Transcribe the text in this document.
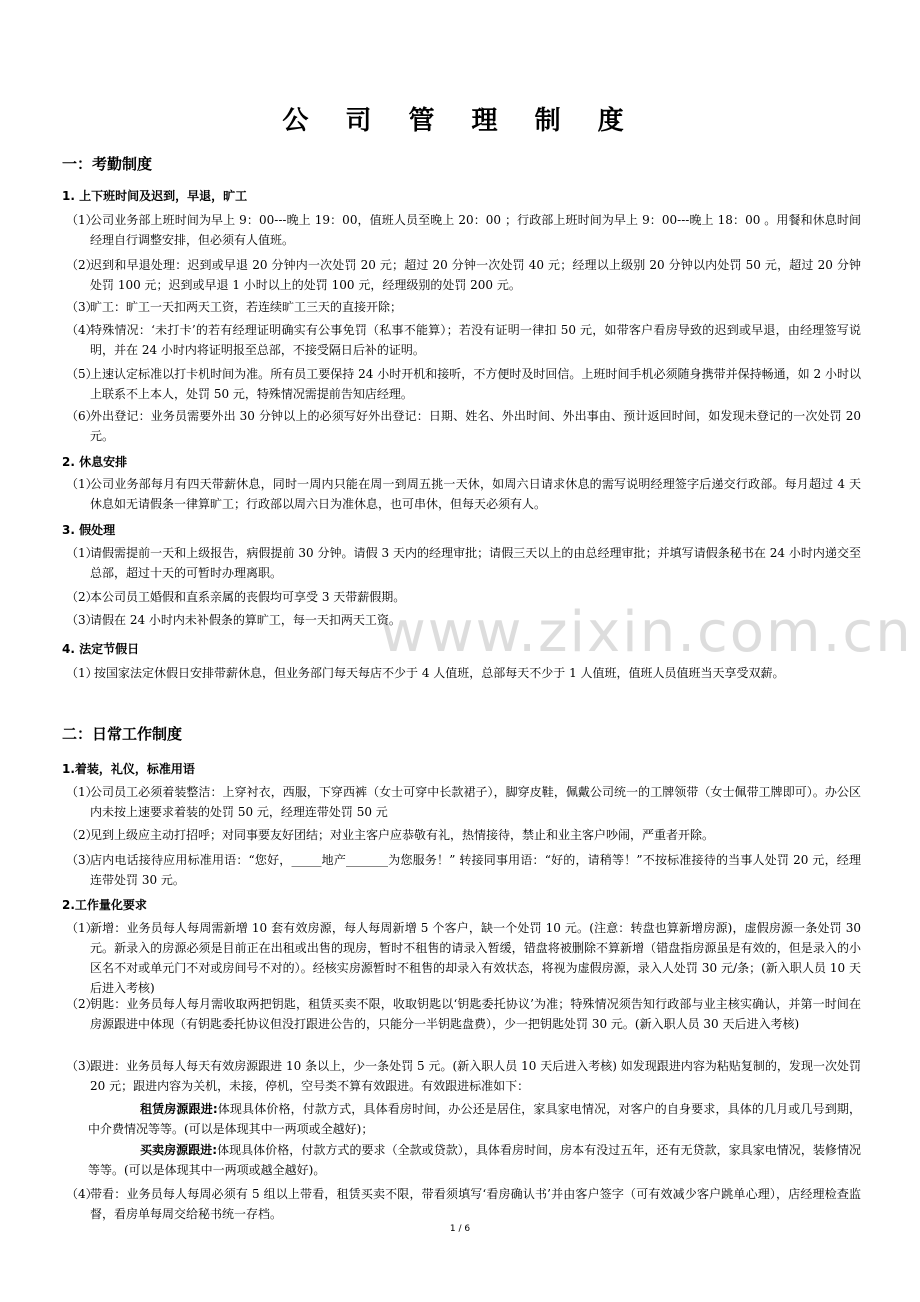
www.zixin.com.cn
公 司 管 理 制 度
一：考勤制度
1. 上下班时间及迟到，早退，旷工
（1）
公司业务部上班时间为早上 9：00---晚上 19：00，值班人员至晚上 20：00 ；行政部上班时间为早上 9：00---晚上 18：00 。用餐和休息时间经理自行调整安排，但必须有人值班。
（2）
迟到和早退处理：迟到或早退 20 分钟内一次处罚 20 元；超过 20 分钟一次处罚 40 元；经理以上级别 20 分钟以内处罚 50 元，超过 20 分钟处罚 100 元；迟到或早退 1 小时以上的处罚 100 元，经理级别的处罚 200 元。
（3）
旷工：旷工一天扣两天工资，若连续旷工三天的直接开除；
（4）
特殊情况：‘未打卡’的若有经理证明确实有公事免罚（私事不能算）；若没有证明一律扣 50 元，如带客户看房导致的迟到或早退，由经理签写说明，并在 24 小时内将证明报至总部，不接受隔日后补的证明。
（5）
上速认定标准以打卡机时间为准。所有员工要保持 24 小时开机和接听，不方便时及时回信。上班时间手机必须随身携带并保持畅通，如 2 小时以上联系不上本人，处罚 50 元，特殊情况需提前告知店经理。
（6）
外出登记：业务员需要外出 30 分钟以上的必须写好外出登记：日期、姓名、外出时间、外出事由、预计返回时间，如发现未登记的一次处罚 20 元。
2. 休息安排
（1）
公司业务部每月有四天带薪休息，同时一周内只能在周一到周五挑一天休，如周六日请求休息的需写说明经理签字后递交行政部。每月超过 4 天休息如无请假条一律算旷工；行政部以周六日为准休息，也可串休，但每天必须有人。
3. 假处理
（1）
请假需提前一天和上级报告，病假提前 30 分钟。请假 3 天内的经理审批；请假三天以上的由总经理审批；并填写请假条秘书在 24 小时内递交至总部，超过十天的可暂时办理离职。
（2）
本公司员工婚假和直系亲属的丧假均可享受 3 天带薪假期。
（3）
请假在 24 小时内未补假条的算旷工，每一天扣两天工资。
4. 法定节假日
（1）
按国家法定休假日安排带薪休息，但业务部门每天每店不少于 4 人值班，总部每天不少于 1 人值班，值班人员值班当天享受双薪。
二：日常工作制度
1.着装，礼仪，标准用语
（1）
公司员工必须着装整洁：上穿衬衣，西服，下穿西裤（女士可穿中长款裙子），脚穿皮鞋，佩戴公司统一的工牌领带（女士佩带工牌即可）。办公区内未按上速要求着装的处罚 50 元，经理连带处罚 50 元
（2）
见到上级应主动打招呼；对同事要友好团结；对业主客户应恭敬有礼，热情接待，禁止和业主客户吵闹，严重者开除。
（3）
店内电话接待应用标准用语：“您好，_____地产_______为您服务！” 转接同事用语：“好的，请稍等！”不按标准接待的当事人处罚 20 元，经理连带处罚 30 元。
2.工作量化要求
（1）
新增：业务员每人每周需新增 10 套有效房源，每人每周新增 5 个客户，缺一个处罚 10 元。(注意：转盘也算新增房源)，虚假房源一条处罚 30 元。新录入的房源必须是目前正在出租或出售的现房，暂时不租售的请录入暂缓，错盘将被删除不算新增（错盘指房源虽是有效的，但是录入的小区名不对或单元门不对或房间号不对的）。经核实房源暂时不租售的却录入有效状态，将视为虚假房源，录入人处罚 30 元/条；(新入职人员 10 天后进入考核)
（2）
钥匙：业务员每人每月需收取两把钥匙，租赁买卖不限，收取钥匙以‘钥匙委托协议’为准；特殊情况须告知行政部与业主核实确认，并第一时间在房源跟进中体现（有钥匙委托协议但没打跟进公告的，只能分一半钥匙盘费），少一把钥匙处罚 30 元。(新入职人员 30 天后进入考核)
（3）
跟进：业务员每人每天有效房源跟进 10 条以上，少一条处罚 5 元。(新入职人员 10 天后进入考核) 如发现跟进内容为粘贴复制的，发现一次处罚 20 元；跟进内容为关机，未接，停机，空号类不算有效跟进。有效跟进标准如下：
租赁房源跟进:体现具体价格，付款方式，具体看房时间，办公还是居住，家具家电情况，对客户的自身要求，具体的几月或几号到期，中介费情况等等。(可以是体现其中一两项或全越好)；
买卖房源跟进:体现具体价格，付款方式的要求（全款或贷款），具体看房时间，房本有没过五年，还有无贷款，家具家电情况，装修情况等等。(可以是体现其中一两项或越全越好)。
（4）
带看：业务员每人每周必须有 5 组以上带看，租赁买卖不限，带看须填写‘看房确认书’并由客户签字（可有效减少客户跳单心理），店经理检查监督，看房单每周交给秘书统一存档。
1 / 6
